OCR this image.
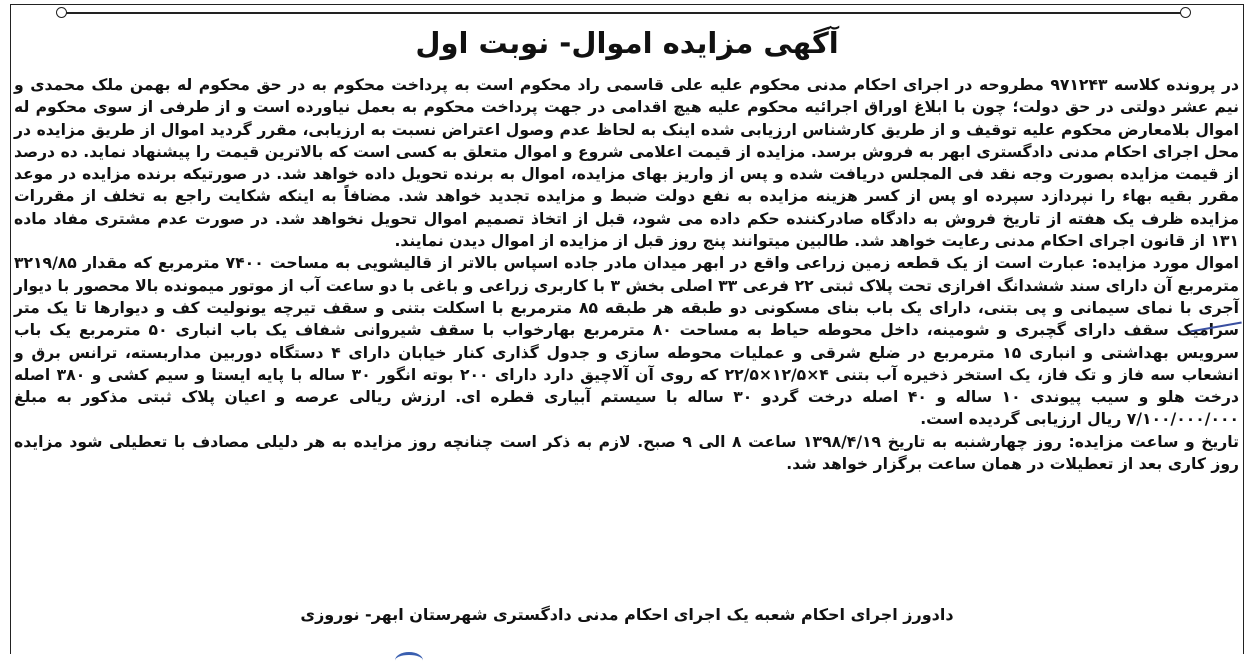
آگهی مزایده اموال- نوبت اول

در پرونده کلاسه ۹۷۱۲۴۳ مطروحه در اجرای احکام مدنی محکوم علیه علی قاسمی راد محکوم است به پرداخت محکوم به در حق محکوم له بهمن ملک محمدی و نیم عشر دولتی در حق دولت؛ چون با ابلاغ اوراق اجرائیه محکوم علیه هیچ اقدامی در جهت پرداخت محکوم به بعمل نیاورده است و از طرفی از سوی محکوم له اموال بلامعارض محکوم علیه توقیف و از طریق کارشناس ارزیابی شده اینک به لحاظ عدم وصول اعتراض نسبت به ارزیابی، مقرر گردید اموال از طریق مزایده در محل اجرای احکام مدنی دادگستری ابهر به فروش برسد. مزایده از قیمت اعلامی شروع و اموال متعلق به کسی است که بالاترین قیمت را پیشنهاد نماید. ده درصد از قیمت مزایده بصورت وجه نقد فی المجلس دریافت شده و پس از واریز بهای مزایده، اموال به برنده تحویل داده خواهد شد. در صورتیکه برنده مزایده در موعد مقرر بقیه بهاء را نپردازد سپرده او پس از کسر هزینه مزایده به نفع دولت ضبط و مزایده تجدید خواهد شد. مضافاً به اینکه شکایت راجع به تخلف از مقررات مزایده ظرف یک هفته از تاریخ فروش به دادگاه صادرکننده حکم داده می شود، قبل از اتخاذ تصمیم اموال تحویل نخواهد شد. در صورت عدم مشتری مفاد ماده ۱۳۱ از قانون اجرای احکام مدنی رعایت خواهد شد. طالبین میتوانند پنج روز قبل از مزایده از اموال دیدن نمایند.

اموال مورد مزایده: عبارت است از یک قطعه زمین زراعی واقع در ابهر میدان مادر جاده اسپاس بالاتر از قالیشویی به مساحت ۷۴۰۰ مترمربع که مقدار ۳۲۱۹/۸۵ مترمربع آن دارای سند ششدانگ افرازی تحت پلاک ثبتی ۲۲ فرعی ۳۳ اصلی بخش ۳ با کاربری زراعی و باغی با دو ساعت آب از موتور میمونده بالا محصور با دیوار آجری با نمای سیمانی و پی بتنی، دارای یک باب بنای مسکونی دو طبقه هر طبقه ۸۵ مترمربع با اسکلت بتنی و سقف تیرچه یونولیت کف و دیوارها تا یک متر سرامیک سقف دارای گچبری و شومینه، داخل محوطه حیاط به مساحت ۸۰ مترمربع بهارخواب با سقف شیروانی شفاف یک باب انباری ۵۰ مترمربع یک باب سرویس بهداشتی و انباری ۱۵ مترمربع در ضلع شرقی و عملیات محوطه سازی و جدول گذاری کنار خیابان دارای ۴ دستگاه دوربین مداربسته، ترانس برق و انشعاب سه فاز و تک فاز، یک استخر ذخیره آب بتنی ۴×۱۲/۵×۲۲/۵ که روی آن آلاچیق دارد دارای ۲۰۰ بوته انگور ۳۰ ساله با پایه ایستا و سیم کشی و ۳۸۰ اصله درخت هلو و سیب پیوندی ۱۰ ساله و ۴۰ اصله درخت گردو ۳۰ ساله با سیستم آبیاری قطره ای. ارزش ریالی عرصه و اعیان پلاک ثبتی مذکور به مبلغ ۷/۱۰۰/۰۰۰/۰۰۰ ریال ارزیابی گردیده است.

تاریخ و ساعت مزایده: روز چهارشنبه به تاریخ ۱۳۹۸/۴/۱۹ ساعت ۸ الی ۹ صبح. لازم به ذکر است چنانچه روز مزایده به هر دلیلی مصادف با تعطیلی شود مزایده روز کاری بعد از تعطیلات در همان ساعت برگزار خواهد شد.

دادورز اجرای احکام شعبه یک اجرای احکام مدنی دادگستری شهرستان ابهر- نوروزی
